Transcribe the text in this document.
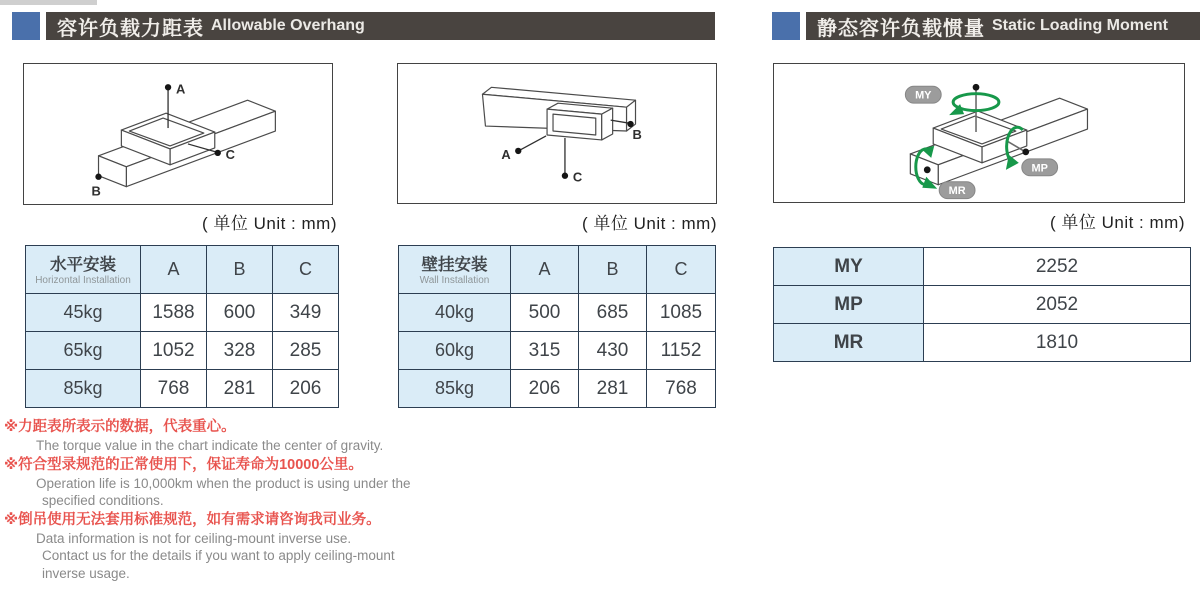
容许负载力距表 Allowable Overhang	静态容许负载惯量 Static Loading Moment
A
C
B
( 单位 Unit : mm)
B
A
C
( 单位 Unit : mm)
MY
MP
MR
( 单位 Unit : mm)
水平安装
Horizontal Installation	A	B	C
45kg	1588	600	349
65kg	1052	328	285
85kg	768	281	206
壁挂安装
Wall Installation	A	B	C
40kg	500	685	1085
60kg	315	430	1152
85kg	206	281	768
MY	2252
MP	2052
MR	1810
※力距表所表示的数据，代表重心。
The torque value in the chart indicate the center of gravity.
※符合型录规范的正常使用下，保证寿命为10000公里。
Operation life is 10,000km when the product is using under the
specified conditions.
※倒吊使用无法套用标准规范，如有需求请咨询我司业务。
Data information is not for ceiling-mount inverse use.
Contact us for the details if you want to apply ceiling-mount
inverse usage.
